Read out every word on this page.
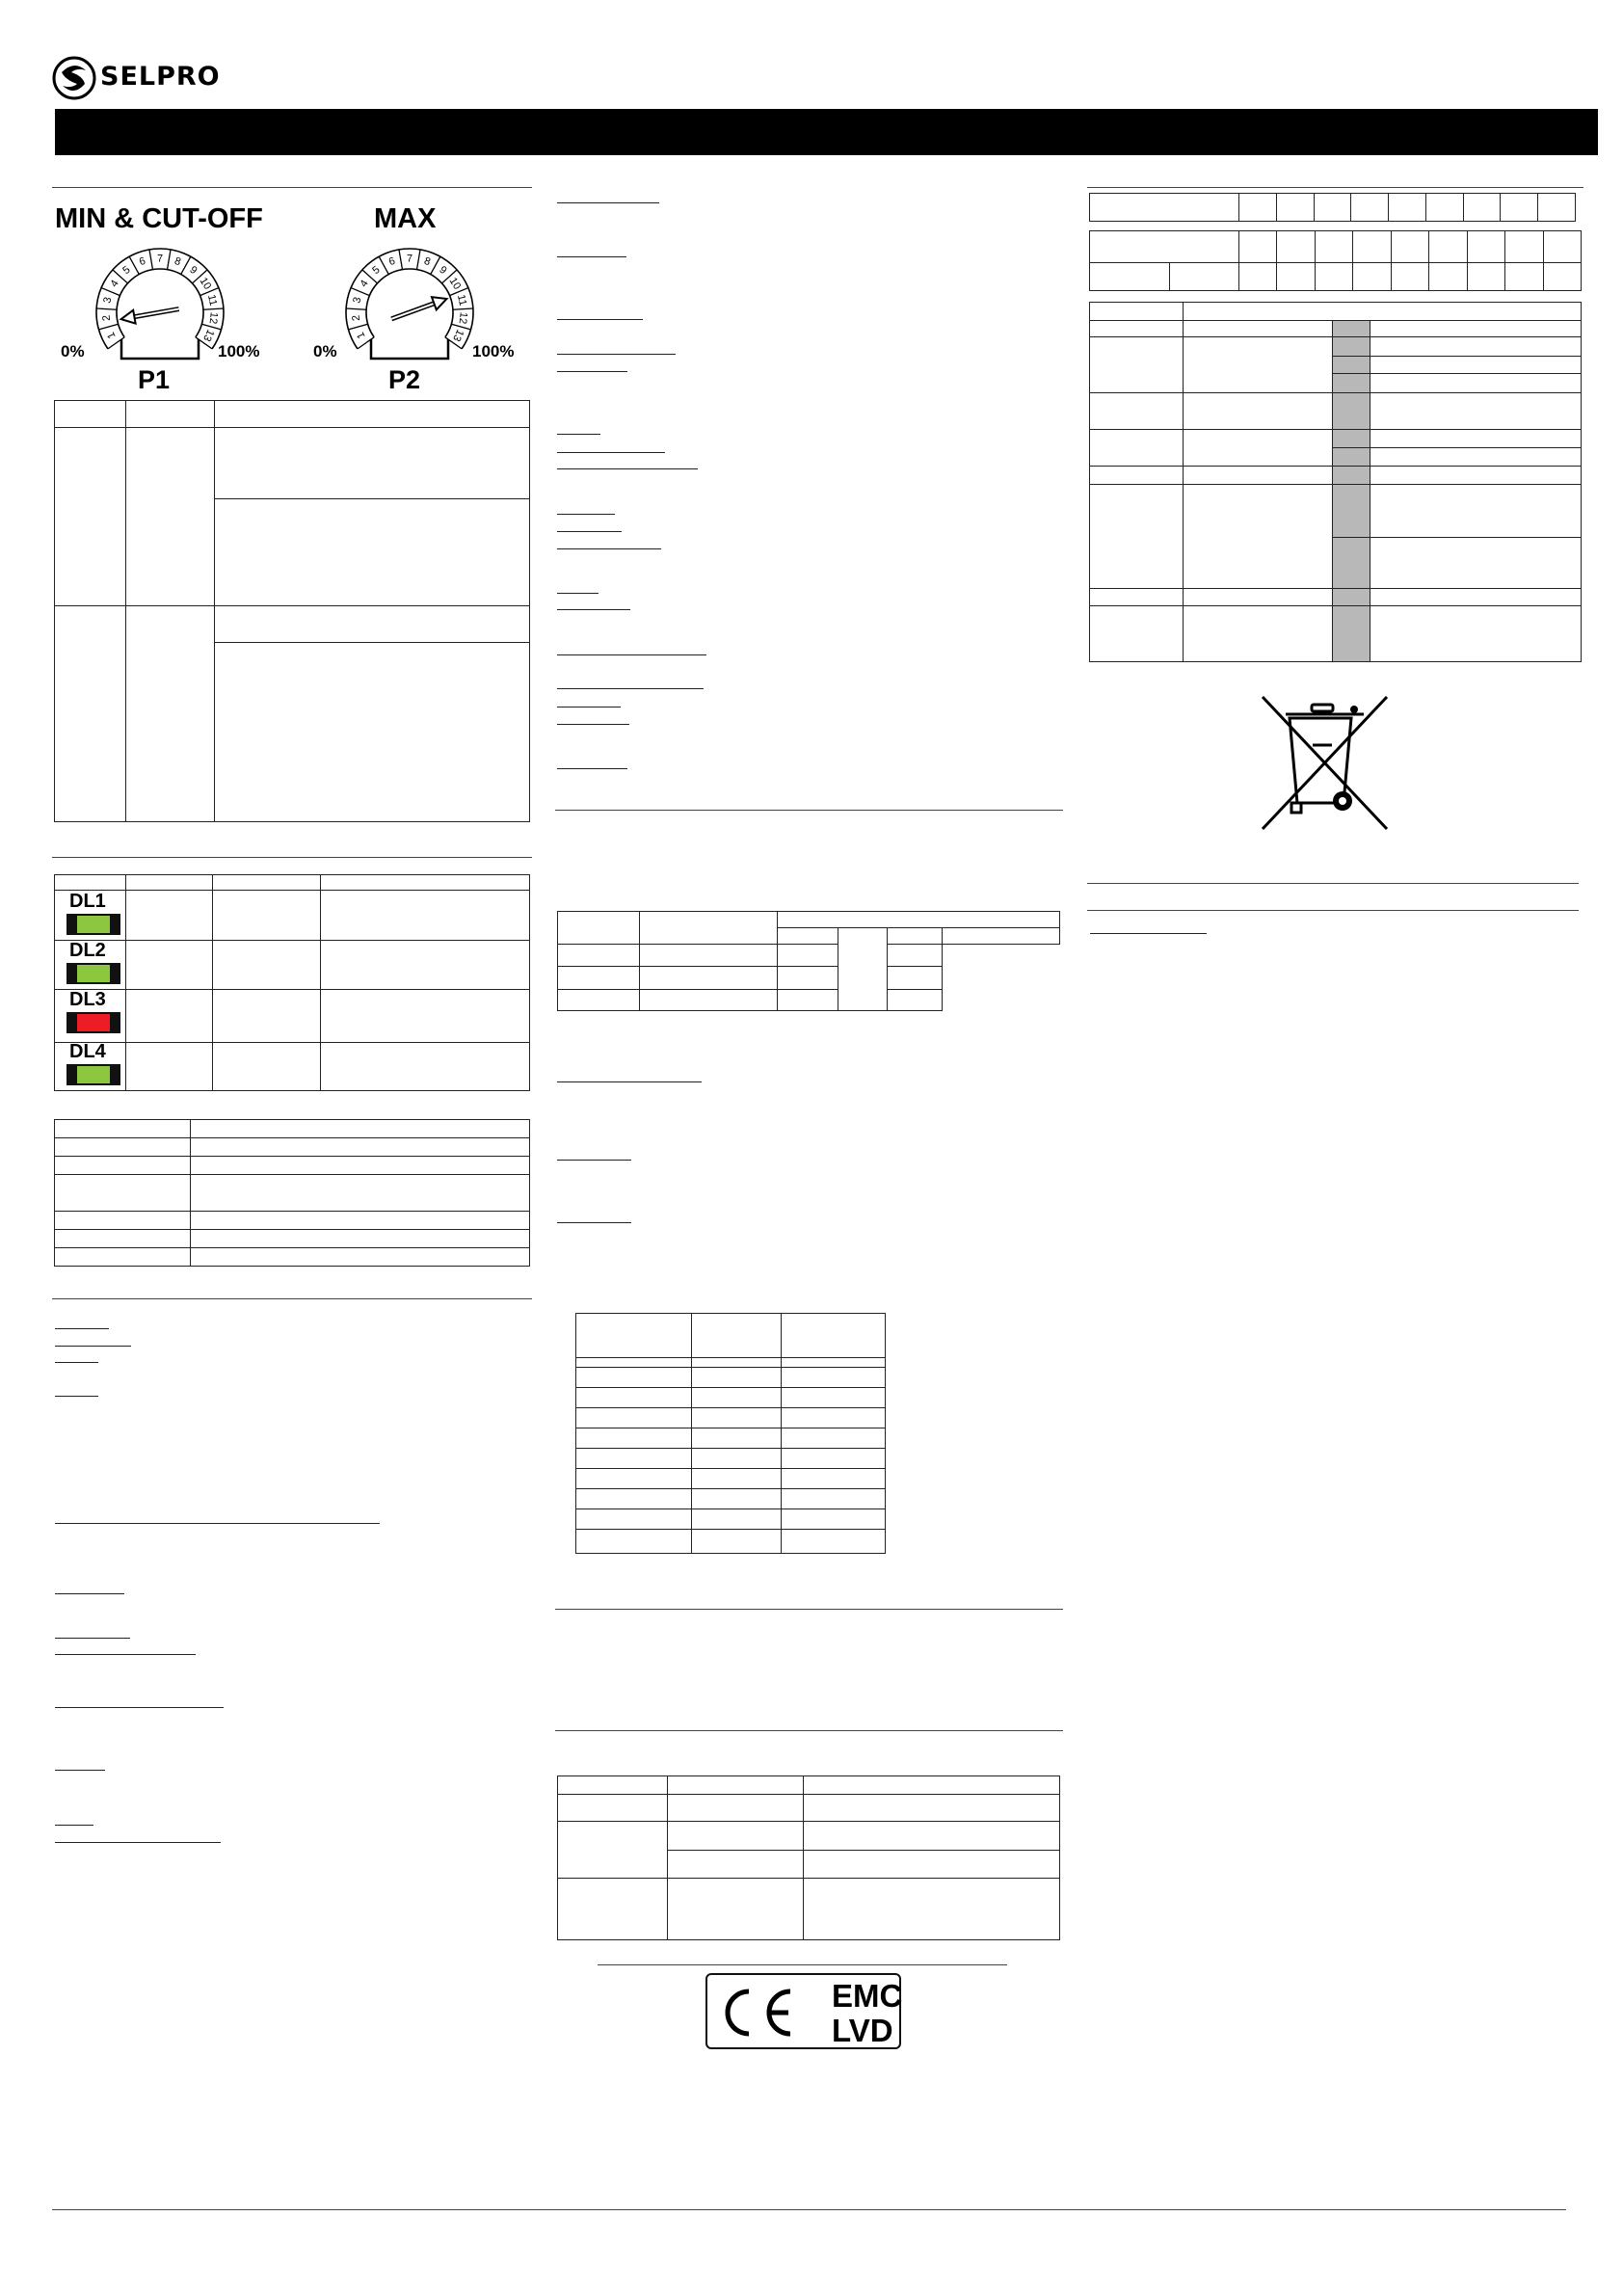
SELPRO
MIN & CUT-OFF
1
2
3
4
5
6 7 8
9
10
11
12
13
0%	100%
P1
MAX
1
2
3
4
5
6 7 8
9
10
11
12
13
0%	100%
P2

DL1
DL2
DL3
DL4

EMC
LVD
